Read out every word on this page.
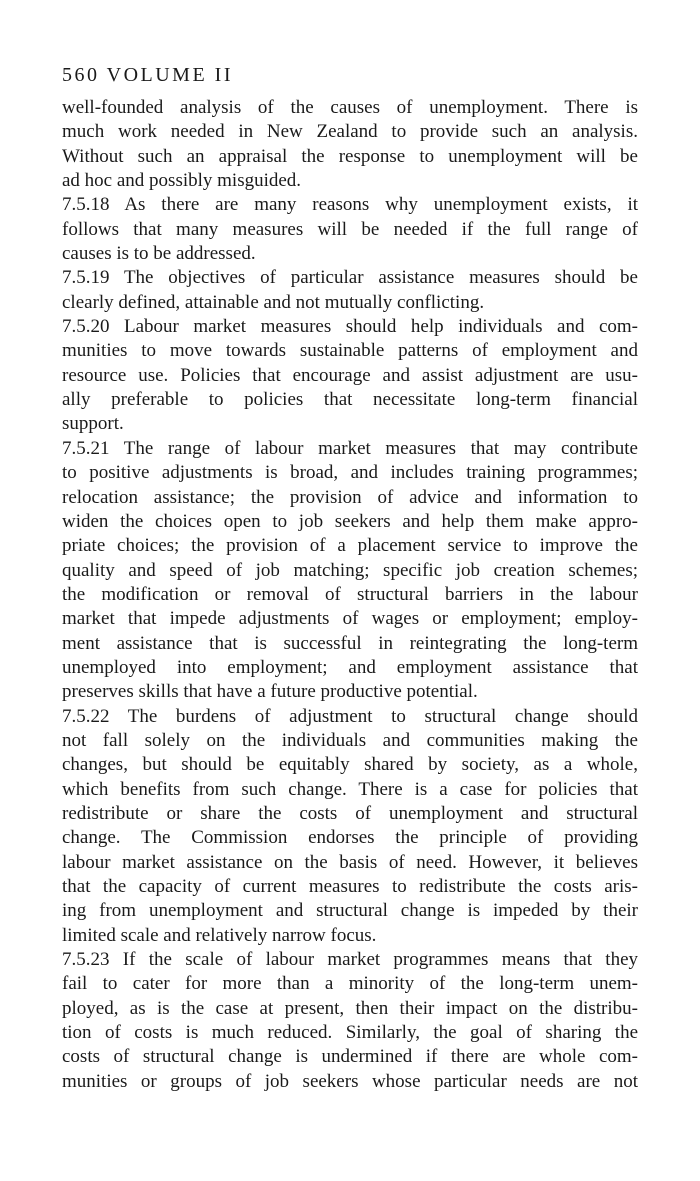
560 VOLUME II
well-founded analysis of the causes of unemployment. There is
much work needed in New Zealand to provide such an analysis.
Without such an appraisal the response to unemployment will be
ad hoc and possibly misguided.
7.5.18 As there are many reasons why unemployment exists, it
follows that many measures will be needed if the full range of
causes is to be addressed.
7.5.19 The objectives of particular assistance measures should be
clearly defined, attainable and not mutually conflicting.
7.5.20 Labour market measures should help individuals and com-
munities to move towards sustainable patterns of employment and
resource use. Policies that encourage and assist adjustment are usu-
ally preferable to policies that necessitate long-term financial
support.
7.5.21 The range of labour market measures that may contribute
to positive adjustments is broad, and includes training programmes;
relocation assistance; the provision of advice and information to
widen the choices open to job seekers and help them make appro-
priate choices; the provision of a placement service to improve the
quality and speed of job matching; specific job creation schemes;
the modification or removal of structural barriers in the labour
market that impede adjustments of wages or employment; employ-
ment assistance that is successful in reintegrating the long-term
unemployed into employment; and employment assistance that
preserves skills that have a future productive potential.
7.5.22 The burdens of adjustment to structural change should
not fall solely on the individuals and communities making the
changes, but should be equitably shared by society, as a whole,
which benefits from such change. There is a case for policies that
redistribute or share the costs of unemployment and structural
change. The Commission endorses the principle of providing
labour market assistance on the basis of need. However, it believes
that the capacity of current measures to redistribute the costs aris-
ing from unemployment and structural change is impeded by their
limited scale and relatively narrow focus.
7.5.23 If the scale of labour market programmes means that they
fail to cater for more than a minority of the long-term unem-
ployed, as is the case at present, then their impact on the distribu-
tion of costs is much reduced. Similarly, the goal of sharing the
costs of structural change is undermined if there are whole com-
munities or groups of job seekers whose particular needs are not
